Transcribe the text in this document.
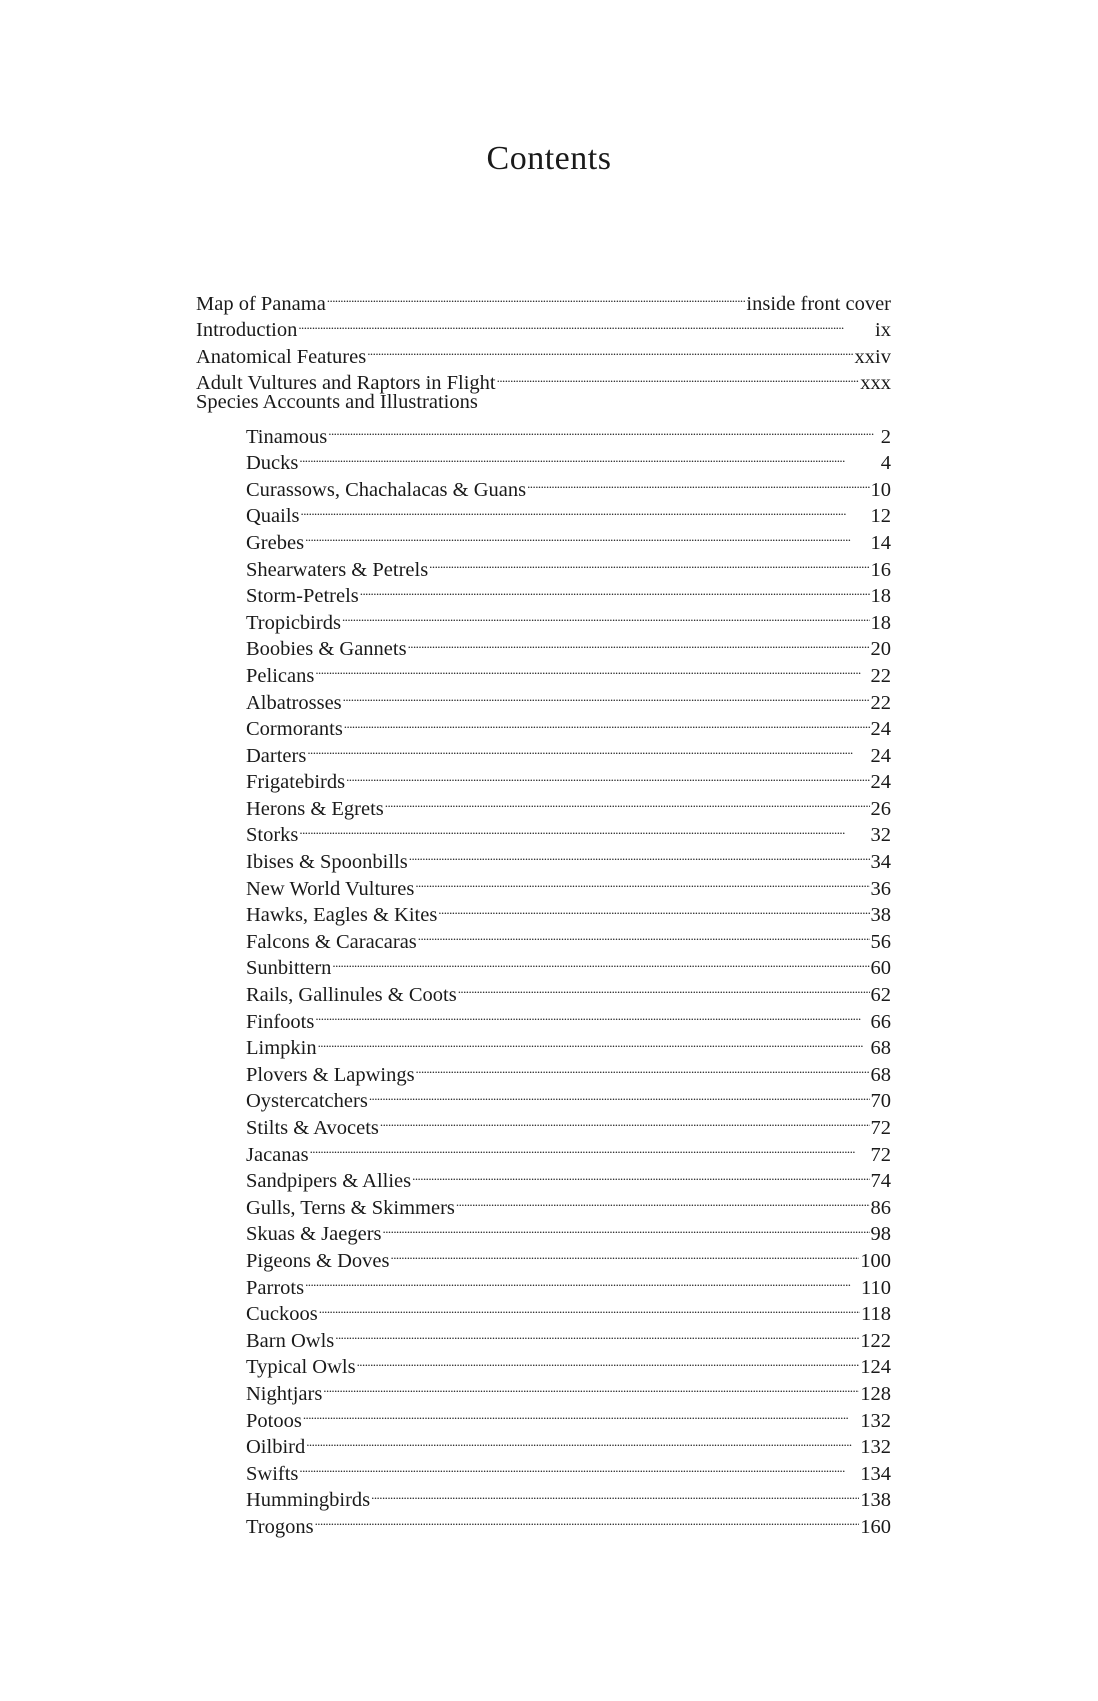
Contents
Map of Panama . . .	inside front cover
Introduction . . .	ix
Anatomical Features . . .	xxiv
Adult Vultures and Raptors in Flight . . .	xxx
Species Accounts and Illustrations
Tinamous . . .	2
Ducks . . .	4
Curassows, Chachalacas & Guans . . .	10
Quails . . .	12
Grebes . . .	14
Shearwaters & Petrels . . .	16
Storm-Petrels . . .	18
Tropicbirds . . .	18
Boobies & Gannets . . .	20
Pelicans . . .	22
Albatrosses . . .	22
Cormorants . . .	24
Darters . . .	24
Frigatebirds . . .	24
Herons & Egrets . . .	26
Storks . . .	32
Ibises & Spoonbills . . .	34
New World Vultures . . .	36
Hawks, Eagles & Kites . . .	38
Falcons & Caracaras . . .	56
Sunbittern . . .	60
Rails, Gallinules & Coots . . .	62
Finfoots . . .	66
Limpkin . . .	68
Plovers & Lapwings . . .	68
Oystercatchers . . .	70
Stilts & Avocets . . .	72
Jacanas . . .	72
Sandpipers & Allies . . .	74
Gulls, Terns & Skimmers . . .	86
Skuas & Jaegers . . .	98
Pigeons & Doves . . .	100
Parrots . . .	110
Cuckoos . . .	118
Barn Owls . . .	122
Typical Owls . . .	124
Nightjars . . .	128
Potoos . . .	132
Oilbird . . .	132
Swifts . . .	134
Hummingbirds . . .	138
Trogons . . .	160
